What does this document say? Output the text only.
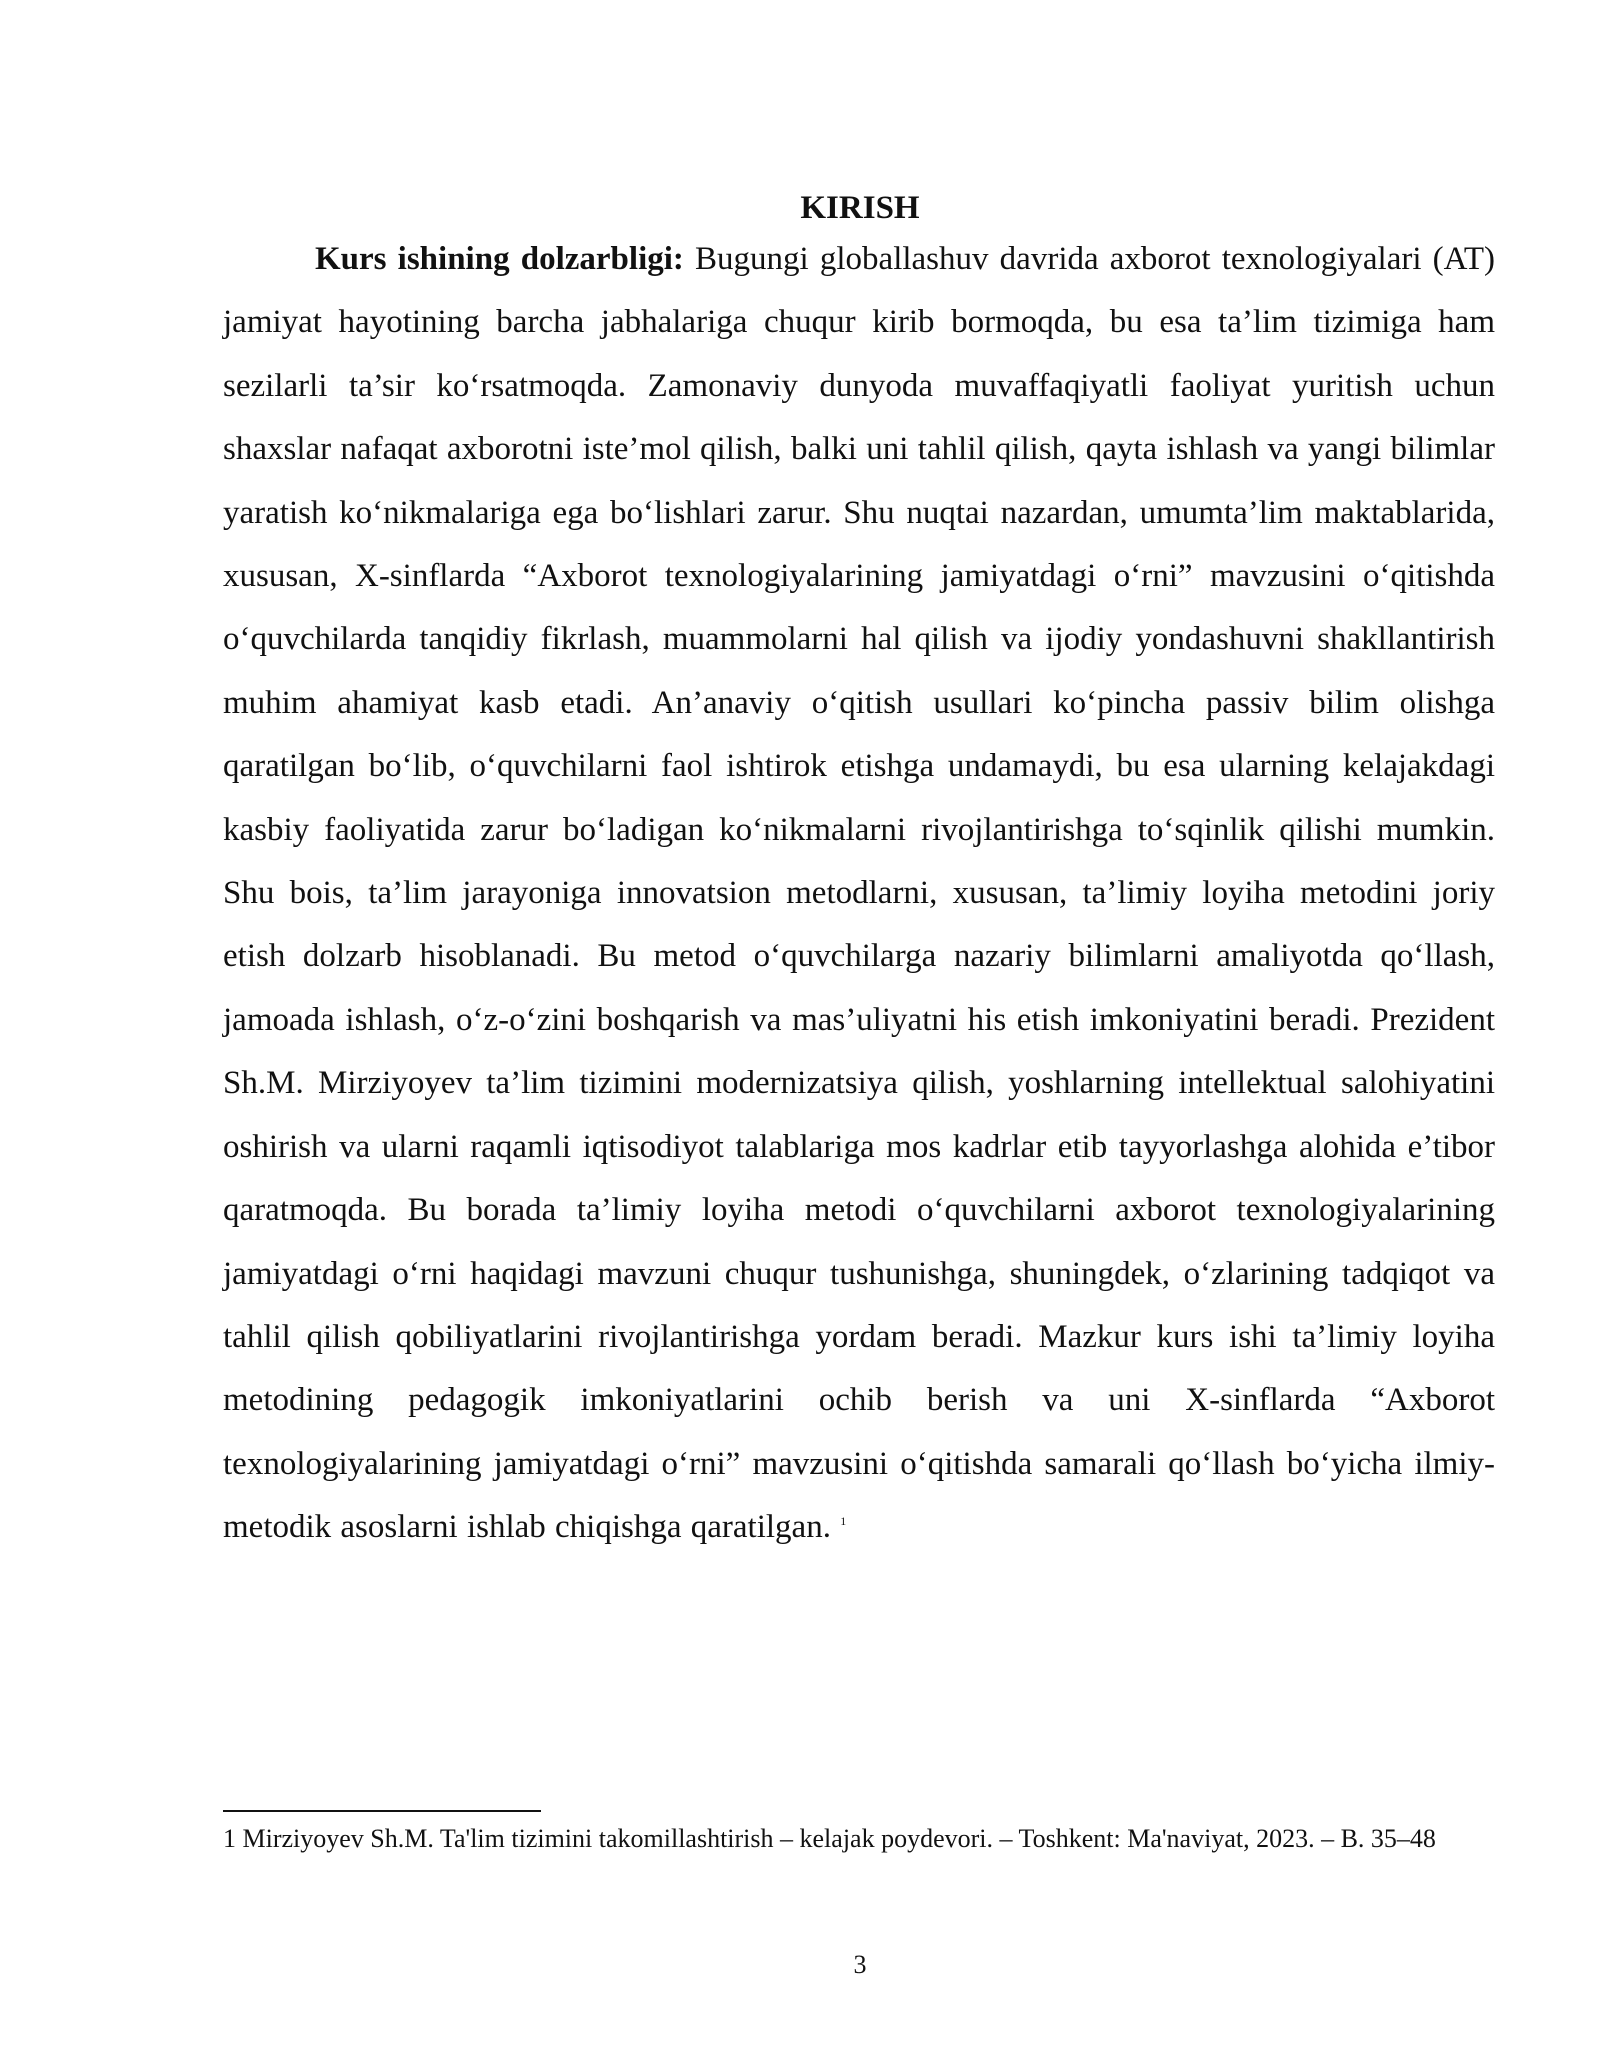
KIRISH

Kurs ishining dolzarbligi: Bugungi globallashuv davrida axborot texnologiyalari (AT) jamiyat hayotining barcha jabhalariga chuqur kirib bormoqda, bu esa ta’lim tizimiga ham sezilarli ta’sir ko‘rsatmoqda. Zamonaviy dunyoda muvaffaqiyatli faoliyat yuritish uchun shaxslar nafaqat axborotni iste’mol qilish, balki uni tahlil qilish, qayta ishlash va yangi bilimlar yaratish ko‘nikmalariga ega bo‘lishlari zarur. Shu nuqtai nazardan, umumta’lim maktablarida, xususan, X-sinflarda “Axborot texnologiyalarining jamiyatdagi o‘rni” mavzusini o‘qitishda o‘quvchilarda tanqidiy fikrlash, muammolarni hal qilish va ijodiy yondashuvni shakllantirish muhim ahamiyat kasb etadi. An’anaviy o‘qitish usullari ko‘pincha passiv bilim olishga qaratilgan bo‘lib, o‘quvchilarni faol ishtirok etishga undamaydi, bu esa ularning kelajakdagi kasbiy faoliyatida zarur bo‘ladigan ko‘nikmalarni rivojlantirishga to‘sqinlik qilishi mumkin. Shu bois, ta’lim jarayoniga innovatsion metodlarni, xususan, ta’limiy loyiha metodini joriy etish dolzarb hisoblanadi. Bu metod o‘quvchilarga nazariy bilimlarni amaliyotda qo‘llash, jamoada ishlash, o‘z-o‘zini boshqarish va mas’uliyatni his etish imkoniyatini beradi. Prezident Sh.M. Mirziyoyev ta’lim tizimini modernizatsiya qilish, yoshlarning intellektual salohiyatini oshirish va ularni raqamli iqtisodiyot talablariga mos kadrlar etib tayyorlashga alohida e’tibor qaratmoqda. Bu borada ta’limiy loyiha metodi o‘quvchilarni axborot texnologiyalarining jamiyatdagi o‘rni haqidagi mavzuni chuqur tushunishga, shuningdek, o‘zlarining tadqiqot va tahlil qilish qobiliyatlarini rivojlantirishga yordam beradi. Mazkur kurs ishi ta’limiy loyiha metodining pedagogik imkoniyatlarini ochib berish va uni X-sinflarda “Axborot texnologiyalarining jamiyatdagi o‘rni” mavzusini o‘qitishda samarali qo‘llash bo‘yicha ilmiy-metodik asoslarni ishlab chiqishga qaratilgan. $^1$

1 Mirziyoyev Sh.M. Ta'lim tizimini takomillashtirish – kelajak poydevori. – Toshkent: Ma'naviyat, 2023. – B. 35–48

3
